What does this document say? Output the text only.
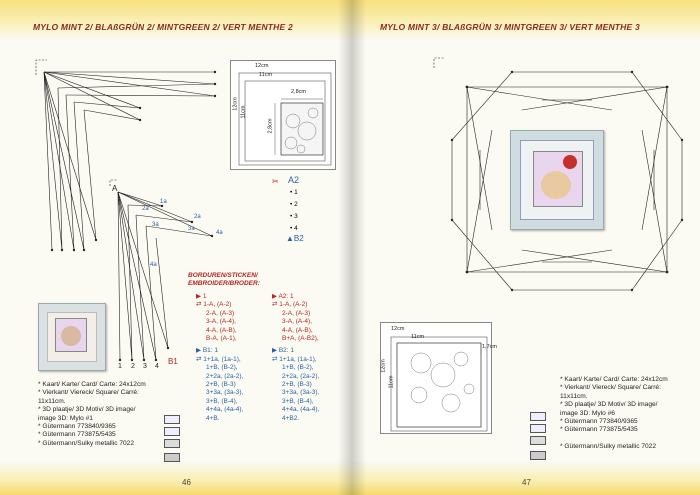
MYLO MINT 2/ BLAßGRÜN 2/ MINTGREEN 2/ VERT MENTHE 2
A
1a
2a
3a
4a
2a
3a
4a
1 2 3 4
B1
12cm
11cm
2,8cm
12cm
11cm
2,8cm
✂ A2
• 1
• 2
• 3
• 4
▲B2
BORDUREN/STICKEN/
EMBROIDER/BRODER:
▶ 1
⇄ 1-A, (A-2)
2-A, (A-3)
3-A, (A-4),
4-A, (A-B),
B-A, (A-1),
▶ B1: 1
⇄ 1+1a, (1a-1),
1+B, (B-2),
2+2a, (2a-2),
2+B, (B-3)
3+3a, (3a-3),
3+B, (B-4),
4+4a, (4a-4),
4+B.
▶ A2: 1
⇄ 1-A, (A-2)
2-A, (A-3)
3-A, (A-4),
4-A, (A-B),
B+A, (A-B2),
▶ B2: 1
⇄ 1+1a, (1a-1),
1+B, (B-2),
2+2a, (2a-2),
2+B, (B-3)
3+3a, (3a-3),
3+B, (B-4),
4+4a, (4a-4),
4+B2.
* Kaart/ Karte/ Card/ Carte: 24x12cm
* Vierkant/ Viereck/ Square/ Carré:
11x11cm.
* 3D plaatje/ 3D Motiv/ 3D image/
image 3D: Mylo #1
* Gütermann 773840/9365
* Gütermann 773875/5435
* Gütermann/Sulky metallic 7022
46
MYLO MINT 3/ BLAßGRÜN 3/ MINTGREEN 3/ VERT MENTHE 3
12cm
11cm
1,7cm
12cm
11cm	* Kaart/ Karte/ Card/ Carte: 24x12cm
* Vierkant/ Viereck/ Square/ Carré:
11x11cm.
* 3D plaatje/ 3D Motiv/ 3D image/
image 3D: Mylo #6
* Gütermann 773840/9365
* Gütermann 773875/5435
* Gütermann/Sulky metallic 7022
47
